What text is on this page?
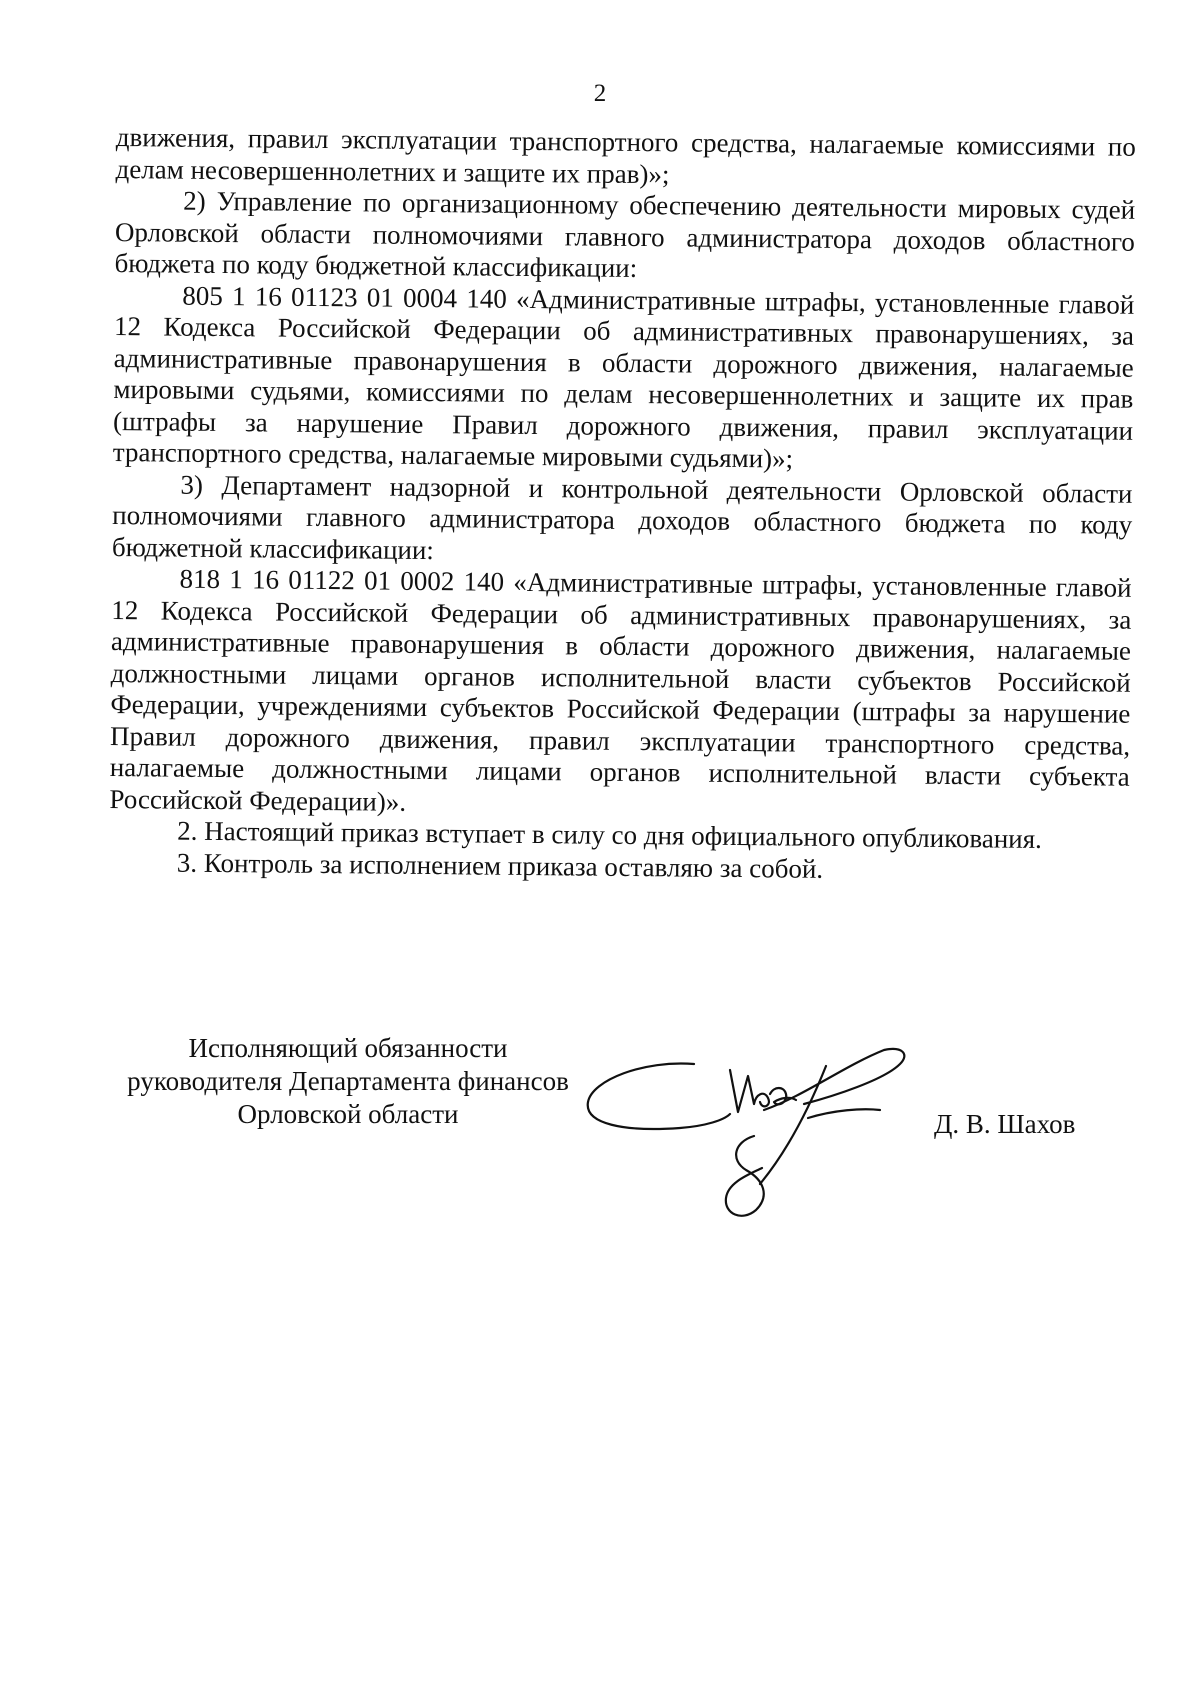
2

движения, правил эксплуатации транспортного средства, налагаемые комиссиями по делам несовершеннолетних и защите их прав)»;

2) Управление по организационному обеспечению деятельности мировых судей Орловской области полномочиями главного администратора доходов областного бюджета по коду бюджетной классификации:

805 1 16 01123 01 0004 140 «Административные штрафы, установленные главой 12 Кодекса Российской Федерации об административных правонарушениях, за административные правонарушения в области дорожного движения, налагаемые мировыми судьями, комиссиями по делам несовершеннолетних и защите их прав (штрафы за нарушение Правил дорожного движения, правил эксплуатации транспортного средства, налагаемые мировыми судьями)»;

3) Департамент надзорной и контрольной деятельности Орловской области полномочиями главного администратора доходов областного бюджета по коду бюджетной классификации:

818 1 16 01122 01 0002 140 «Административные штрафы, установленные главой 12 Кодекса Российской Федерации об административных правонарушениях, за административные правонарушения в области дорожного движения, налагаемые должностными лицами органов исполнительной власти субъектов Российской Федерации, учреждениями субъектов Российской Федерации (штрафы за нарушение Правил дорожного движения, правил эксплуатации транспортного средства, налагаемые должностными лицами органов исполнительной власти субъекта Российской Федерации)».

2. Настоящий приказ вступает в силу со дня официального опубликования.

3. Контроль за исполнением приказа оставляю за собой.

Исполняющий обязанности
руководителя Департамента финансов
Орловской области	Д. В. Шахов
